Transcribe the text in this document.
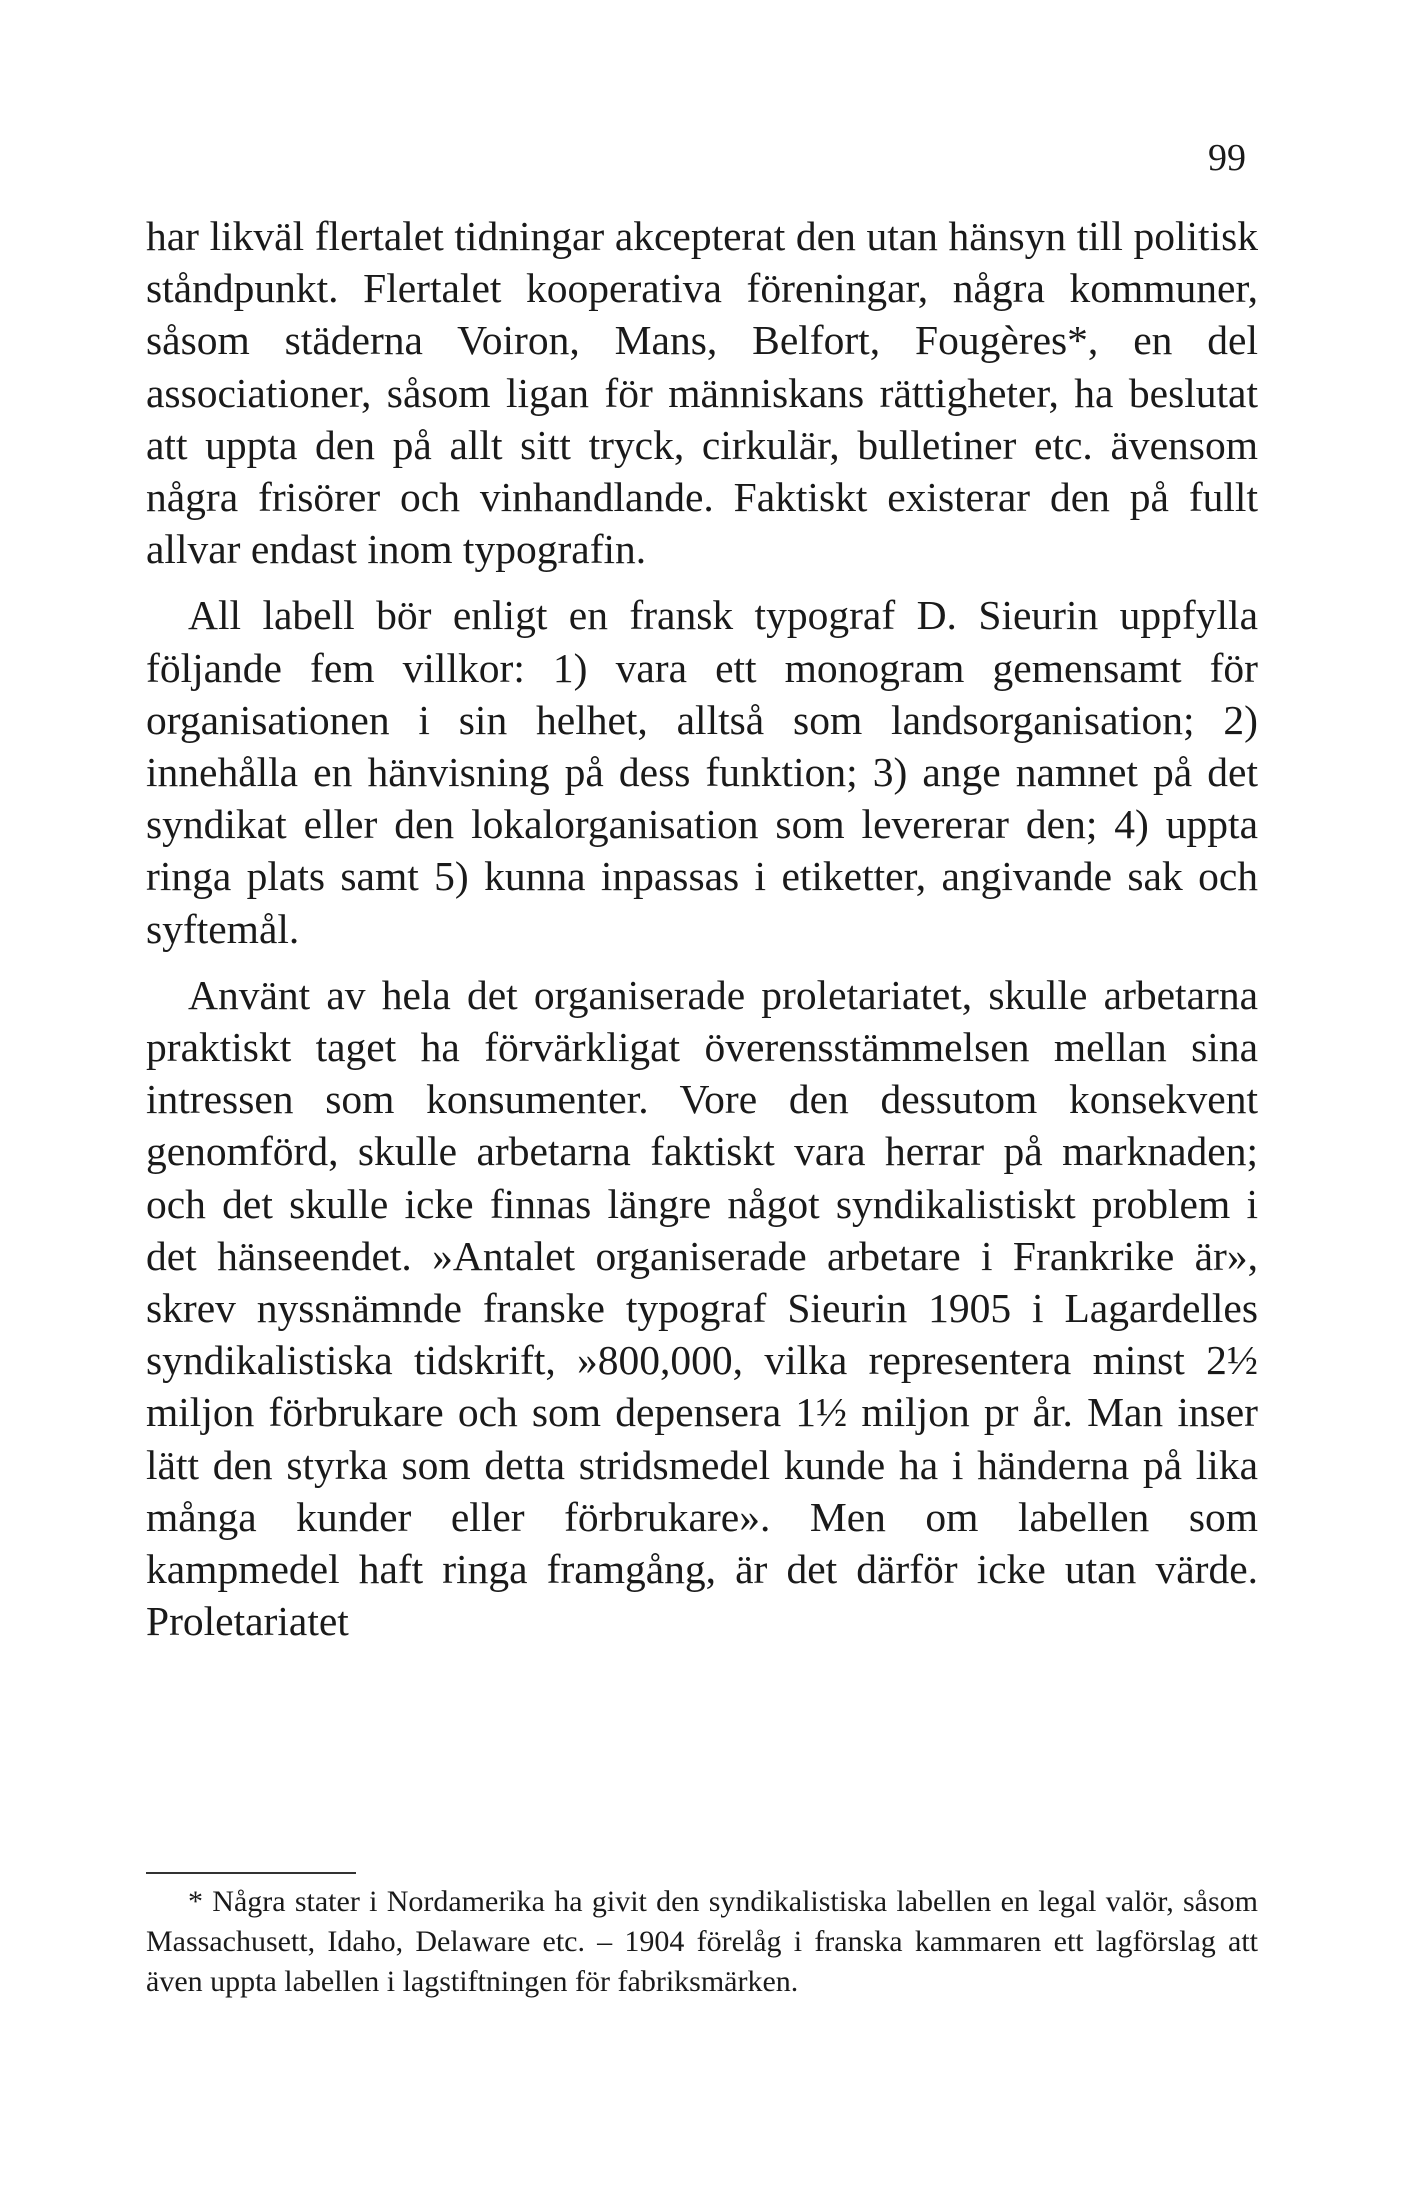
99

har likväl flertalet tidningar akcepterat den utan hänsyn till politisk ståndpunkt. Flertalet kooperativa föreningar, några kommuner, såsom städerna Voiron, Mans, Belfort, Fougères*, en del associationer, såsom ligan för människans rättigheter, ha beslutat att uppta den på allt sitt tryck, cirkulär, bulletiner etc. ävensom några frisörer och vinhandlande. Faktiskt existerar den på fullt allvar endast inom typografin.

All labell bör enligt en fransk typograf D. Sieurin uppfylla följande fem villkor: 1) vara ett monogram gemensamt för organisationen i sin helhet, alltså som landsorganisation; 2) innehålla en hänvisning på dess funktion; 3) ange namnet på det syndikat eller den lokalorganisation som levererar den; 4) uppta ringa plats samt 5) kunna inpassas i etiketter, angivande sak och syftemål.

Använt av hela det organiserade proletariatet, skulle arbetarna praktiskt taget ha förvärkligat överensstämmelsen mellan sina intressen som konsumenter. Vore den dessutom konsekvent genomförd, skulle arbetarna faktiskt vara herrar på marknaden; och det skulle icke finnas längre något syndikalistiskt problem i det hänseendet. »Antalet organiserade arbetare i Frankrike är», skrev nyssnämnde franske typograf Sieurin 1905 i Lagardelles syndikalistiska tidskrift, »800,000, vilka representera minst 2½ miljon förbrukare och som depensera 1½ miljon pr år. Man inser lätt den styrka som detta stridsmedel kunde ha i händerna på lika många kunder eller förbrukare». Men om labellen som kampmedel haft ringa framgång, är det därför icke utan värde. Proletariatet

* Några stater i Nordamerika ha givit den syndikalistiska labellen en legal valör, såsom Massachusett, Idaho, Delaware etc. – 1904 förelåg i franska kammaren ett lagförslag att även uppta labellen i lagstiftningen för fabriksmärken.
